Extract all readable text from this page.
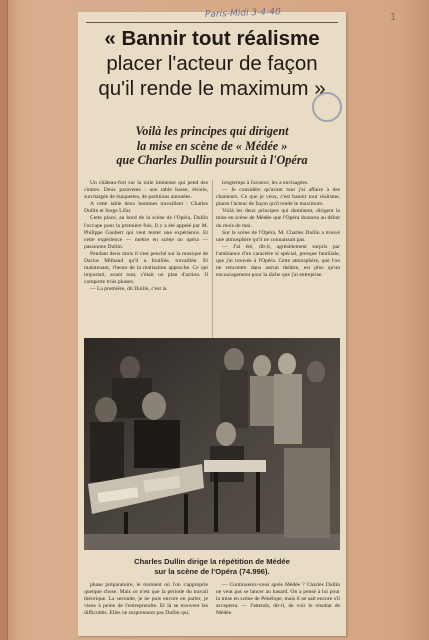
« Bannir tout réalisme
placer l'acteur de façon
qu'il rende le maximum »
Voilà les principes qui dirigent
la mise en scène de « Médée »
que Charles Dullin poursuit à l'Opéra

Un château-fort sur la toile immense qui pend des cintres. Deux paravents : une table basse, étroite, surchargée de maquettes, de partitions annotées.

A cette table deux hommes travaillent : Charles Dullin et Serge Lifar.

Cette place, au bord de la scène de l'Opéra, Dullin l'occupe pour la première fois. Il y a été appelé par M. Philippe Gaubert qui veut tenter une expérience. Et cette expérience — mettre en scène un opéra — passionne Dullin.

Pendant deux mois il s'est penché sur la musique de Darius Milhaud qu'il a fouillée, travaillée. Et maintenant, l'heure de la réalisation approche. Ce qui importait, avant tout, c'était un plan d'action. Il comporte trois phases.

— La première, dit Dullin, c'est la

longtemps à l'avance, les a envisagées.

— Je considère qu'avant tout j'ai affaire à des chanteurs. Ce que je veux, c'est bannir tout réalisme, placer l'acteur de façon qu'il rende le maximum.

Voilà les deux principes qui dominent, dirigent la mise en scène de Médée que l'Opéra donnera au début du mois de mai.

Sur la scène de l'Opéra, M. Charles Dullin a trouvé une atmosphère qu'il ne connaissait pas.

— J'ai été, dit-il, agréablement surpris par l'ambiance d'un caractère si spécial, presque familiale, que j'ai trouvée à l'Opéra. Cette atmosphère, que l'on ne rencontre dans aucun théâtre, est plus qu'un encouragement pour la tâche que j'ai entreprise.

Charles Dullin dirige la répétition de Médée
sur la scène de l'Opéra (74.996).

phase préparatoire, le moment où l'on s'approprie quelque chose. Mais ce n'est que la période du travail théorique. La seconde, je ne puis encore en parler, je viens à peine de l'entreprendre. Et là se trouvent les difficultés. Elles ne surprennent pas Dullin qui,

— Continuerez-vous après Médée ? Charles Dullin ne veut pas se lancer au hasard. On a pensé à lui pour la mise en scène de Pénélope, mais il ne sait encore s'il acceptera. — J'attends, dit-il, de voir le résultat de Médée.

Paris-Midi 3-4-40	1
